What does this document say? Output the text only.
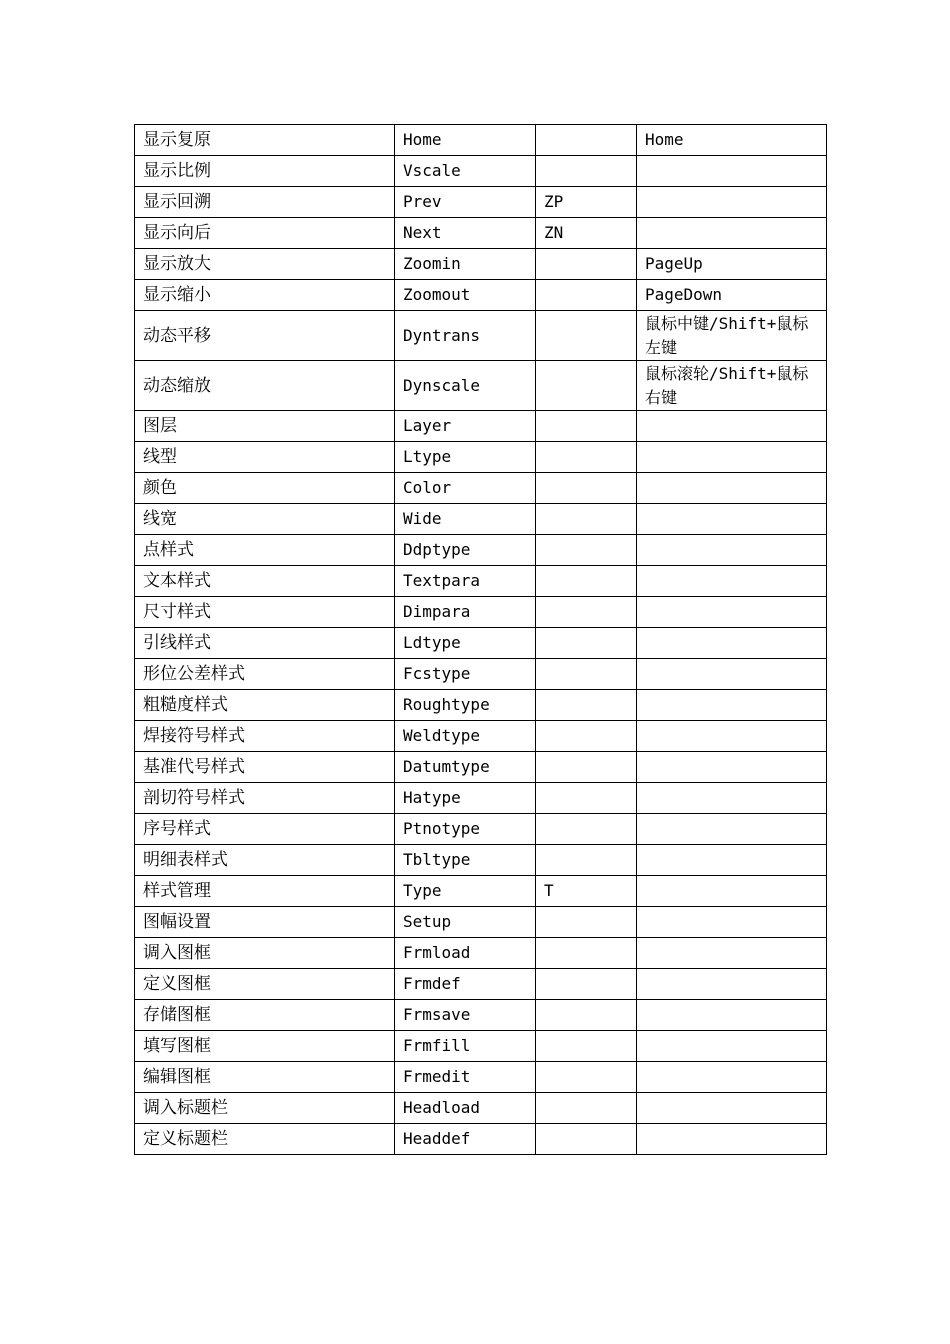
显示复原	Home		Home
显示比例	Vscale		
显示回溯	Prev	ZP	
显示向后	Next	ZN	
显示放大	Zoomin		PageUp
显示缩小	Zoomout		PageDown
动态平移	Dyntrans		鼠标中键/Shift+鼠标左键
动态缩放	Dynscale		鼠标滚轮/Shift+鼠标右键
图层	Layer		
线型	Ltype		
颜色	Color		
线宽	Wide		
点样式	Ddptype		
文本样式	Textpara		
尺寸样式	Dimpara		
引线样式	Ldtype		
形位公差样式	Fcstype		
粗糙度样式	Roughtype		
焊接符号样式	Weldtype		
基准代号样式	Datumtype		
剖切符号样式	Hatype		
序号样式	Ptnotype		
明细表样式	Tbltype		
样式管理	Type	T	
图幅设置	Setup		
调入图框	Frmload		
定义图框	Frmdef		
存储图框	Frmsave		
填写图框	Frmfill		
编辑图框	Frmedit		
调入标题栏	Headload		
定义标题栏	Headdef		
